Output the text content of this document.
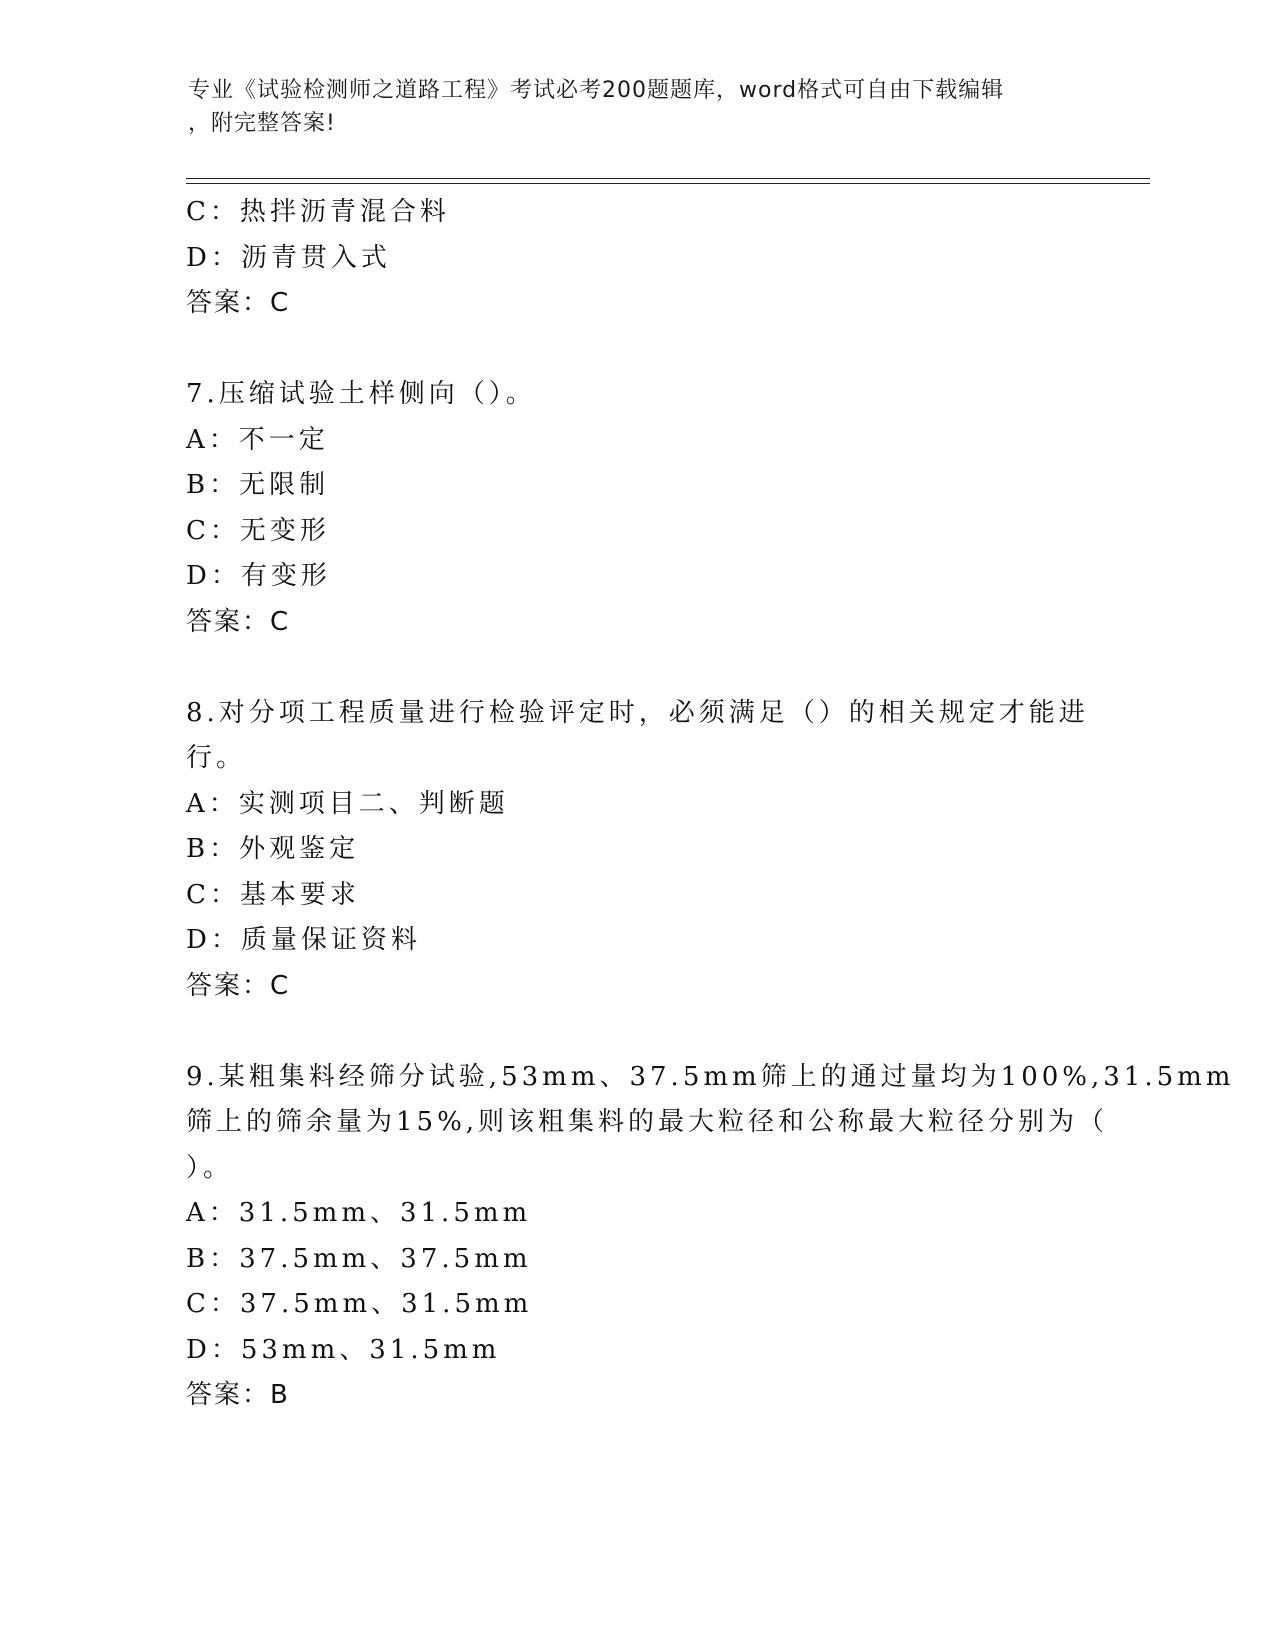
专业《试验检测师之道路工程》考试必考200题题库，word格式可自由下载编辑
，附完整答案!
C：热拌沥青混合料
D：沥青贯入式
答案：C
7.压缩试验土样侧向（）。
A：不一定
B：无限制
C：无变形
D：有变形
答案：C
8.对分项工程质量进行检验评定时，必须满足（）的相关规定才能进
行。
A：实测项目二、判断题
B：外观鉴定
C：基本要求
D：质量保证资料
答案：C
9.某粗集料经筛分试验,53mm、37.5mm筛上的通过量均为100%,31.5mm
筛上的筛余量为15%,则该粗集料的最大粒径和公称最大粒径分别为（
）。
A：31.5mm、31.5mm
B：37.5mm、37.5mm
C：37.5mm、31.5mm
D：53mm、31.5mm
答案：B
